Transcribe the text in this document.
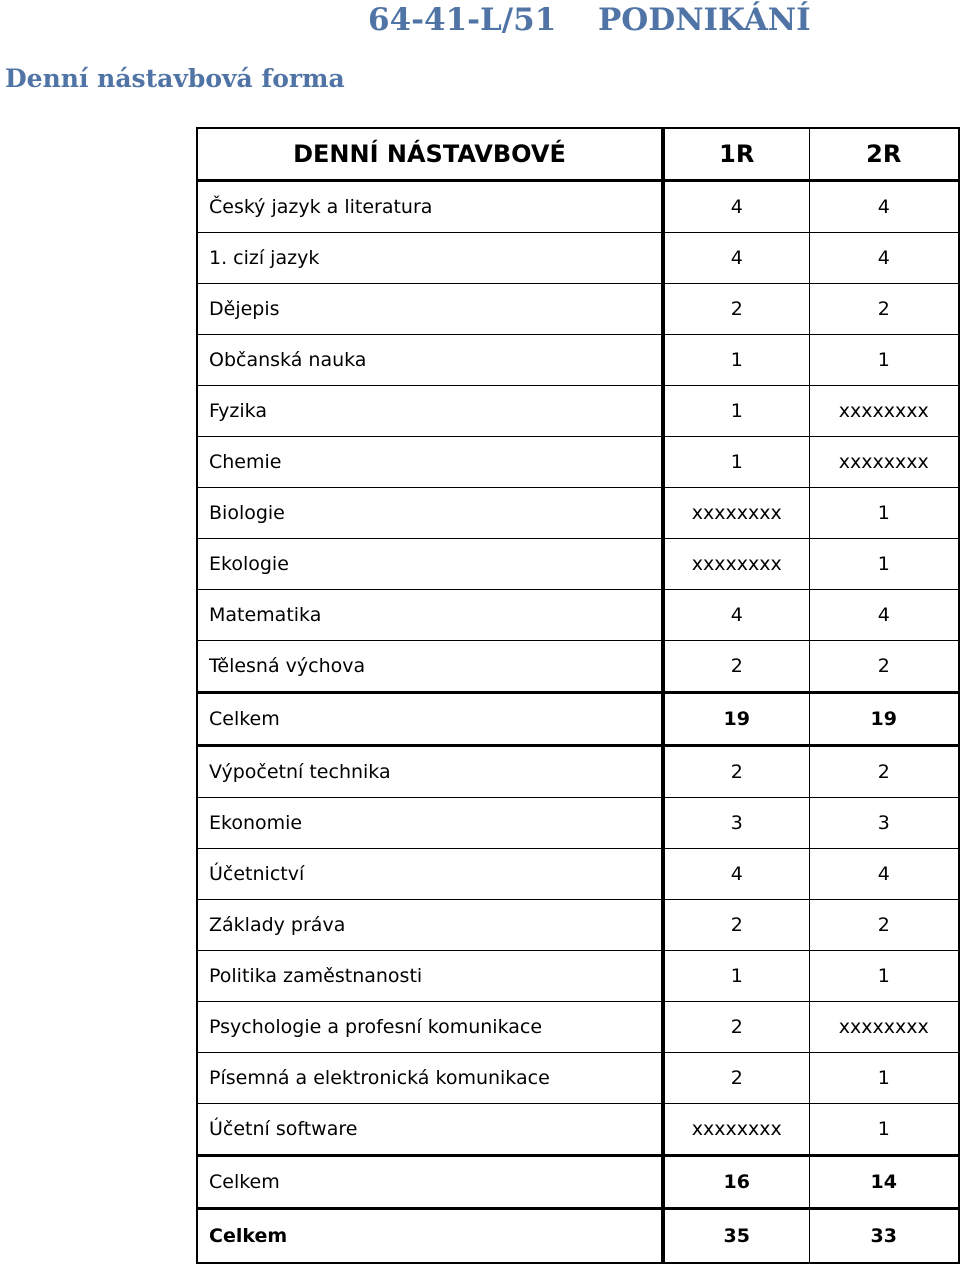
64-41-L/51 PODNIKÁNÍ
Denní nástavbová forma
DENNÍ NÁSTAVBOVÉ	1R	2R
Český jazyk a literatura	4	4
1. cizí jazyk	4	4
Dějepis	2	2
Občanská nauka	1	1
Fyzika	1	xxxxxxxx
Chemie	1	xxxxxxxx
Biologie	xxxxxxxx	1
Ekologie	xxxxxxxx	1
Matematika	4	4
Tělesná výchova	2	2
Celkem	19	19
Výpočetní technika	2	2
Ekonomie	3	3
Účetnictví	4	4
Základy práva	2	2
Politika zaměstnanosti	1	1
Psychologie a profesní komunikace	2	xxxxxxxx
Písemná a elektronická komunikace	2	1
Účetní software	xxxxxxxx	1
Celkem	16	14
Celkem	35	33
